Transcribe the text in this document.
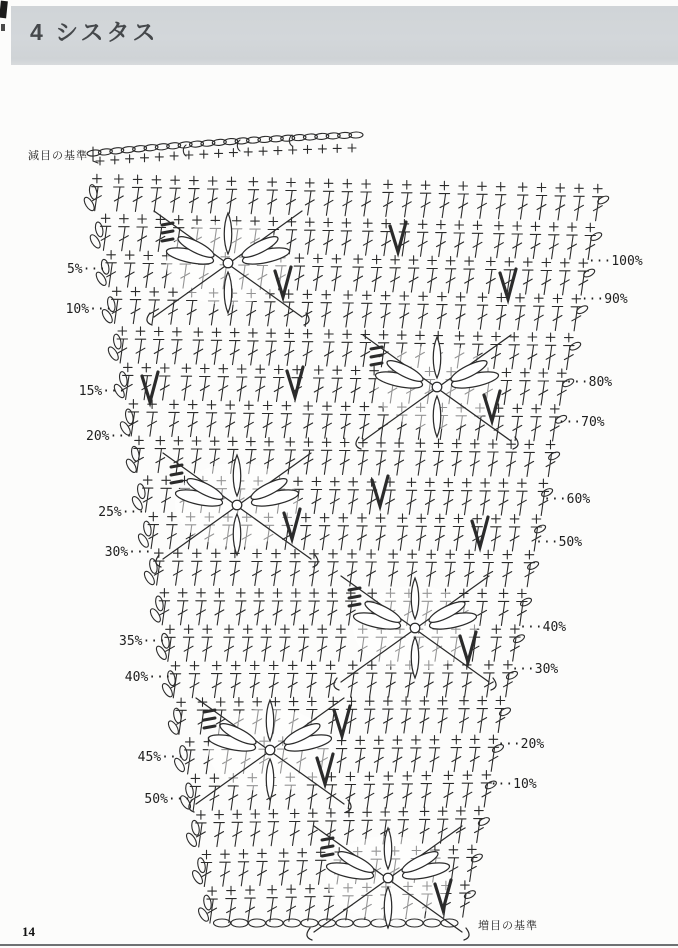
4 シスタス
減目の基準
増目の基準
5%···
10%···
15%···
20%···
25%···
30%···
35%···
40%···
45%···
50%···
···100%
···90%
···80%
···70%
···60%
···50%
···40%
···30%
···20%
···10%
14
